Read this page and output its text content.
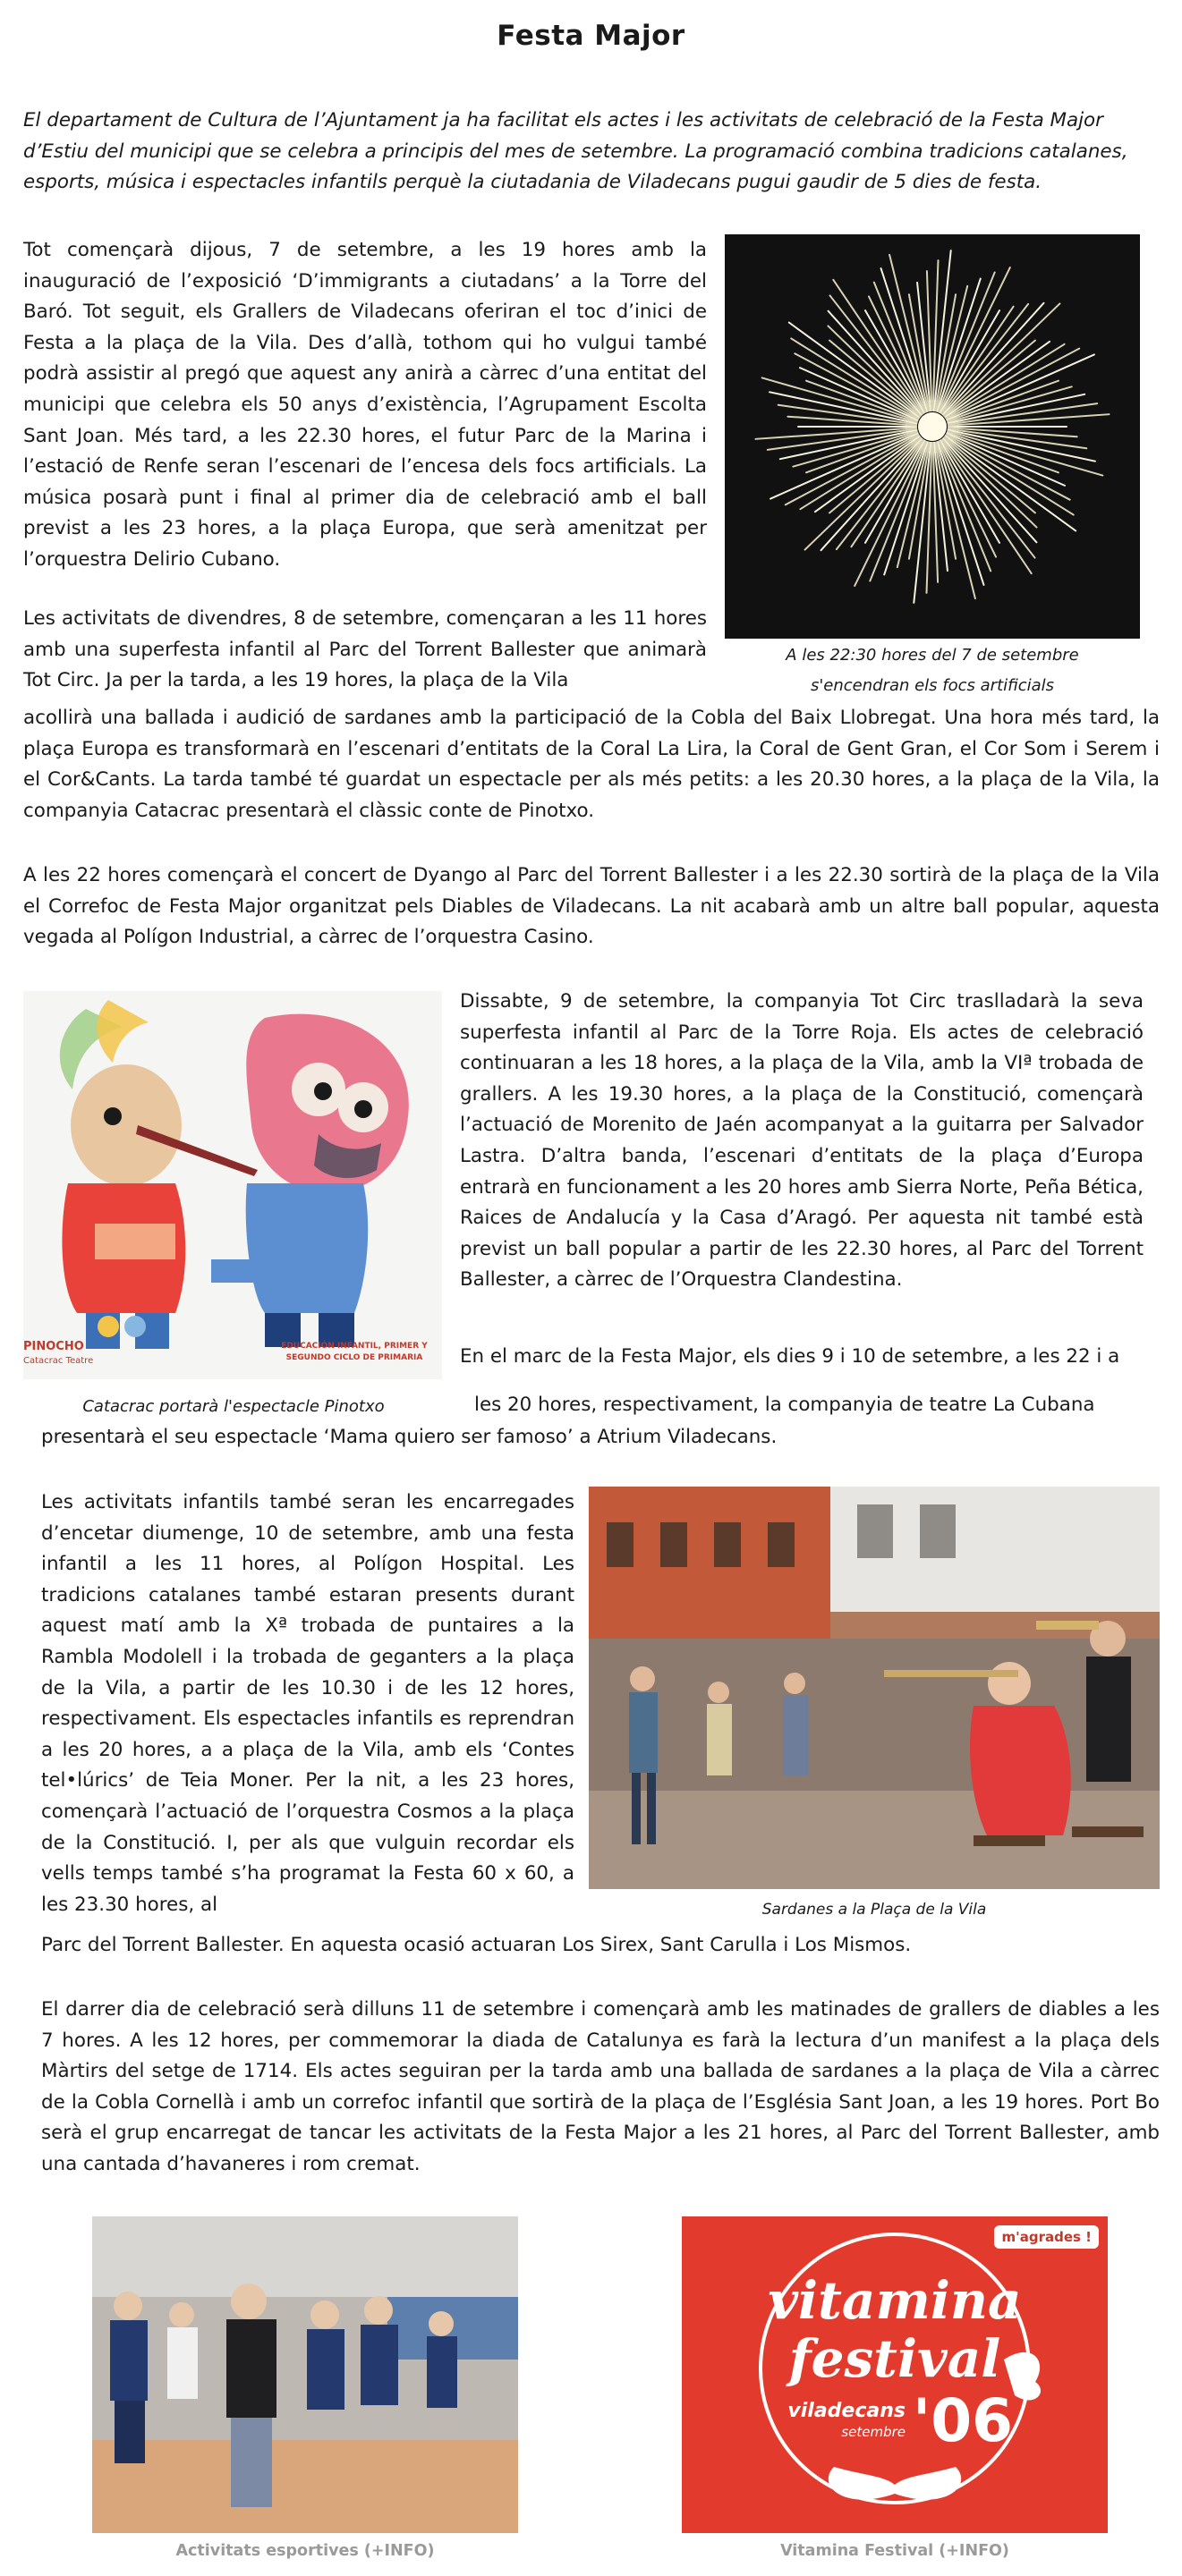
Festa Major
El departament de Cultura de l’Ajuntament ja ha facilitat els actes i les activitats de celebració de la Festa Major d’Estiu del municipi que se celebra a principis del mes de setembre. La programació combina tradicions catalanes, esports, música i espectacles infantils perquè la ciutadania de Viladecans pugui gaudir de 5 dies de festa.

Tot començarà dijous, 7 de setembre, a les 19 hores amb la inauguració de l’exposició ‘D’immigrants a ciutadans’ a la Torre del Baró. Tot seguit, els Grallers de Viladecans oferiran el toc d’inici de Festa a la plaça de la Vila. Des d’allà, tothom qui ho vulgui també podrà assistir al pregó que aquest any anirà a càrrec d’una entitat del municipi que celebra els 50 anys d’existència, l’Agrupament Escolta Sant Joan. Més tard, a les 22.30 hores, el futur Parc de la Marina i l’estació de Renfe seran l’escenari de l’encesa dels focs artificials. La música posarà punt i final al primer dia de celebració amb el ball previst a les 23 hores, a la plaça Europa, que serà amenitzat per l’orquestra Delirio Cubano.

A les 22:30 hores del 7 de setembre
s'encendran els focs artificials

Les activitats de divendres, 8 de setembre, començaran a les 11 hores amb una superfesta infantil al Parc del Torrent Ballester que animarà Tot Circ. Ja per la tarda, a les 19 hores, la plaça de la Vila

acollirà una ballada i audició de sardanes amb la participació de la Cobla del Baix Llobregat. Una hora més tard, la plaça Europa es transformarà en l’escenari d’entitats de la Coral La Lira, la Coral de Gent Gran, el Cor Som i Serem i el Cor&Cants. La tarda també té guardat un espectacle per als més petits: a les 20.30 hores, a la plaça de la Vila, la companyia Catacrac presentarà el clàssic conte de Pinotxo.

A les 22 hores començarà el concert de Dyango al Parc del Torrent Ballester i a les 22.30 sortirà de la plaça de la Vila el Correfoc de Festa Major organitzat pels Diables de Viladecans. La nit acabarà amb un altre ball popular, aquesta vegada al Polígon Industrial, a càrrec de l’orquestra Casino.

PINOCHO
Catacrac Teatre
EDUCACIÓN INFANTIL, PRIMER Y
SEGUNDO CICLO DE PRIMARIA

Dissabte, 9 de setembre, la companyia Tot Circ traslladarà la seva superfesta infantil al Parc de la Torre Roja. Els actes de celebració continuaran a les 18 hores, a la plaça de la Vila, amb la VIª trobada de grallers. A les 19.30 hores, a la plaça de la Constitució, començarà l’actuació de Morenito de Jaén acompanyat a la guitarra per Salvador Lastra. D’altra banda, l’escenari d’entitats de la plaça d’Europa entrarà en funcionament a les 20 hores amb Sierra Norte, Peña Bética, Raices de Andalucía y la Casa d’Aragó. Per aquesta nit també està previst un ball popular a partir de les 22.30 hores, al Parc del Torrent Ballester, a càrrec de l’Orquestra Clandestina.

En el marc de la Festa Major, els dies 9 i 10 de setembre, a les 22 i a

Catacrac portarà l'espectacle Pinotxo	les 20 hores, respectivament, la companyia de teatre La Cubana

presentarà el seu espectacle ‘Mama quiero ser famoso’ a Atrium Viladecans.

Les activitats infantils també seran les encarregades d’encetar diumenge, 10 de setembre, amb una festa infantil a les 11 hores, al Polígon Hospital. Les tradicions catalanes també estaran presents durant aquest matí amb la Xª trobada de puntaires a la Rambla Modolell i la trobada de geganters a la plaça de la Vila, a partir de les 10.30 i de les 12 hores, respectivament. Els espectacles infantils es reprendran a les 20 hores, a a plaça de la Vila, amb els ‘Contes tel•lúrics’ de Teia Moner. Per la nit, a les 23 hores, començarà l’actuació de l’orquestra Cosmos a la plaça de la Constitució. I, per als que vulguin recordar els vells temps també s’ha programat la Festa 60 x 60, a les 23.30 hores, al

Parc del Torrent Ballester. En aquesta ocasió actuaran Los Sirex, Sant Carulla i Los Mismos.

Sardanes a la Plaça de la Vila

El darrer dia de celebració serà dilluns 11 de setembre i començarà amb les matinades de grallers de diables a les 7 hores. A les 12 hores, per commemorar la diada de Catalunya es farà la lectura d’un manifest a la plaça dels Màrtirs del setge de 1714. Els actes seguiran per la tarda amb una ballada de sardanes a la plaça de Vila a càrrec de la Cobla Cornellà i amb un correfoc infantil que sortirà de la plaça de l’Església Sant Joan, a les 19 hores. Port Bo serà el grup encarregat de tancar les activitats de la Festa Major a les 21 hores, al Parc del Torrent Ballester, amb una cantada d’havaneres i rom cremat.

Activitats esportives (+INFO)
m'agrades !
vitamina
festival
viladecans
setembre '06
Vitamina Festival (+INFO)
